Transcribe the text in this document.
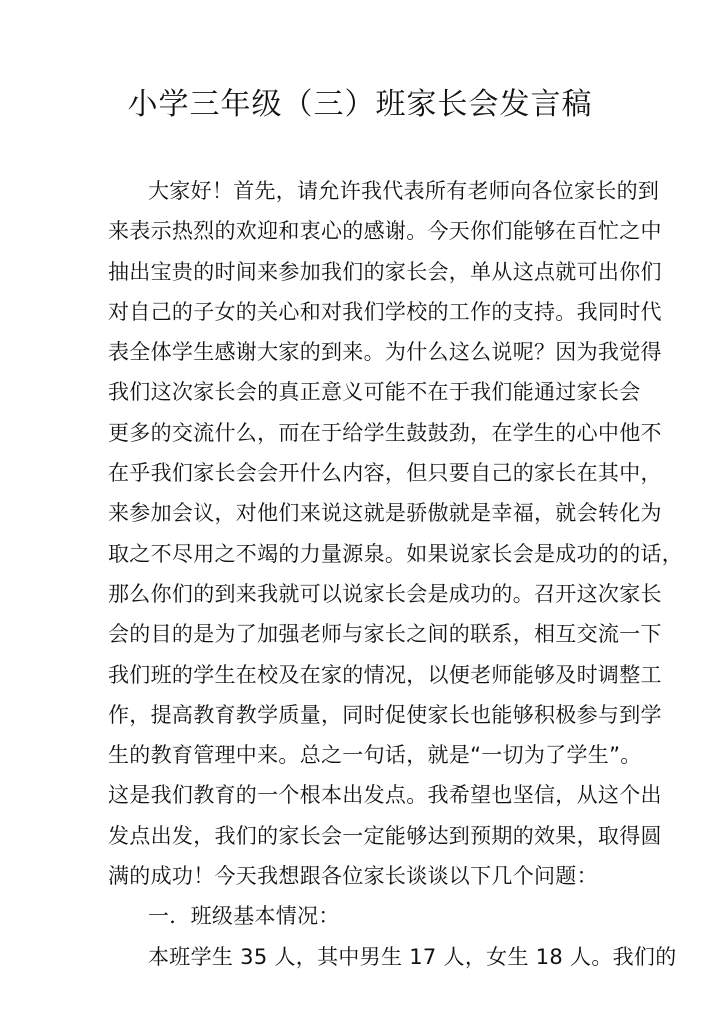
小学三年级（三）班家长会发言稿
大家好！首先，请允许我代表所有老师向各位家长的到
来表示热烈的欢迎和衷心的感谢。今天你们能够在百忙之中
抽出宝贵的时间来参加我们的家长会，单从这点就可出你们
对自己的子女的关心和对我们学校的工作的支持。我同时代
表全体学生感谢大家的到来。为什么这么说呢？因为我觉得
我们这次家长会的真正意义可能不在于我们能通过家长会
更多的交流什么，而在于给学生鼓鼓劲，在学生的心中他不
在乎我们家长会会开什么内容，但只要自己的家长在其中，
来参加会议，对他们来说这就是骄傲就是幸福，就会转化为
取之不尽用之不竭的力量源泉。如果说家长会是成功的的话，
那么你们的到来我就可以说家长会是成功的。召开这次家长
会的目的是为了加强老师与家长之间的联系，相互交流一下
我们班的学生在校及在家的情况，以便老师能够及时调整工
作，提高教育教学质量，同时促使家长也能够积极参与到学
生的教育管理中来。总之一句话，就是“一切为了学生”。
这是我们教育的一个根本出发点。我希望也坚信，从这个出
发点出发，我们的家长会一定能够达到预期的效果，取得圆
满的成功！今天我想跟各位家长谈谈以下几个问题：
一．班级基本情况：
本班学生 35 人，其中男生 17 人，女生 18 人。我们的
